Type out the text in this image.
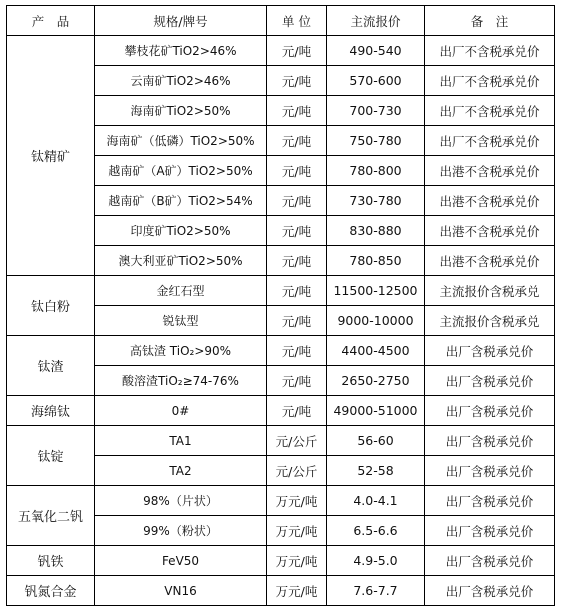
产　品	规格/牌号	单 位	主流报价	备　注
钛精矿	攀枝花矿TiO2>46%	元/吨	490-540	出厂不含税承兑价
	云南矿TiO2>46%	元/吨	570-600	出厂不含税承兑价
	海南矿TiO2>50%	元/吨	700-730	出厂不含税承兑价
	海南矿（低磷）TiO2>50%	元/吨	750-780	出厂不含税承兑价
	越南矿（A矿）TiO2>50%	元/吨	780-800	出港不含税承兑价
	越南矿（B矿）TiO2>54%	元/吨	730-780	出港不含税承兑价
	印度矿TiO2>50%	元/吨	830-880	出港不含税承兑价
	澳大利亚矿TiO2>50%	元/吨	780-850	出港不含税承兑价
钛白粉	金红石型	元/吨	11500-12500	主流报价含税承兑
	锐钛型	元/吨	9000-10000	主流报价含税承兑
钛渣	高钛渣 TiO₂>90%	元/吨	4400-4500	出厂含税承兑价
	酸溶渣TiO₂≥74-76%	元/吨	2650-2750	出厂含税承兑价
海绵钛	0#	元/吨	49000-51000	出厂含税承兑价
钛锭	TA1	元/公斤	56-60	出厂含税承兑价
	TA2	元/公斤	52-58	出厂含税承兑价
五氧化二钒	98%（片状）	万元/吨	4.0-4.1	出厂含税承兑价
	99%（粉状）	万元/吨	6.5-6.6	出厂含税承兑价
钒铁	FeV50	万元/吨	4.9-5.0	出厂含税承兑价
钒氮合金	VN16	万元/吨	7.6-7.7	出厂含税承兑价
